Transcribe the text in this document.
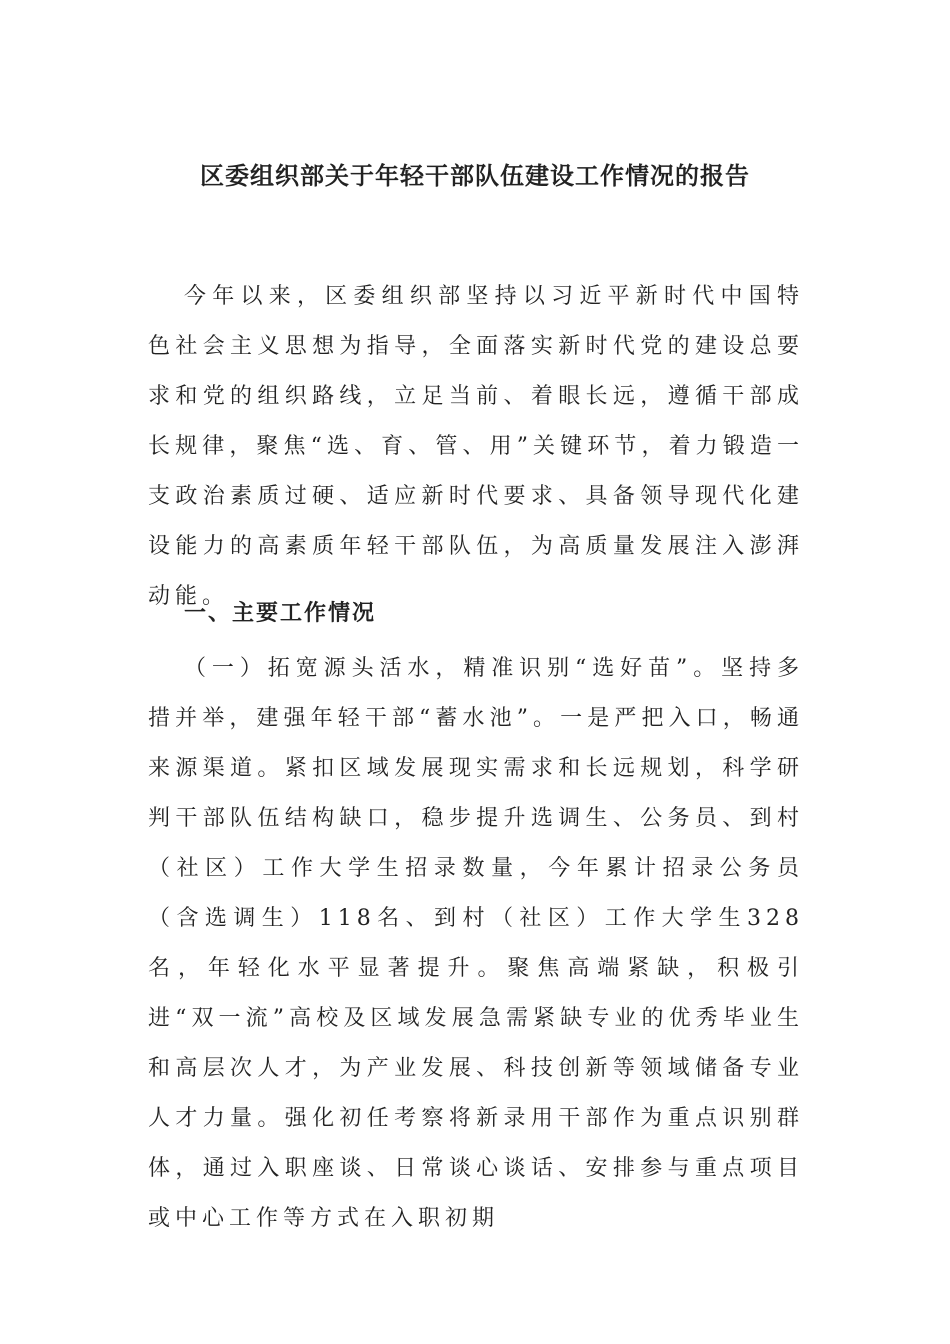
区委组织部关于年轻干部队伍建设工作情况的报告

今年以来，区委组织部坚持以习近平新时代中国特色社会主义思想为指导，全面落实新时代党的建设总要求和党的组织路线，立足当前、着眼长远，遵循干部成长规律，聚焦“选、育、管、用”关键环节，着力锻造一支政治素质过硬、适应新时代要求、具备领导现代化建设能力的高素质年轻干部队伍，为高质量发展注入澎湃动能。

一、主要工作情况

（一）拓宽源头活水，精准识别“选好苗”。坚持多措并举，建强年轻干部“蓄水池”。一是严把入口，畅通来源渠道。紧扣区域发展现实需求和长远规划，科学研判干部队伍结构缺口，稳步提升选调生、公务员、到村（社区）工作大学生招录数量，今年累计招录公务员（含选调生）118名、到村（社区）工作大学生328名，年轻化水平显著提升。聚焦高端紧缺，积极引进“双一流”高校及区域发展急需紧缺专业的优秀毕业生和高层次人才，为产业发展、科技创新等领域储备专业人才力量。强化初任考察将新录用干部作为重点识别群体，通过入职座谈、日常谈心谈话、安排参与重点项目或中心工作等方式在入职初期
